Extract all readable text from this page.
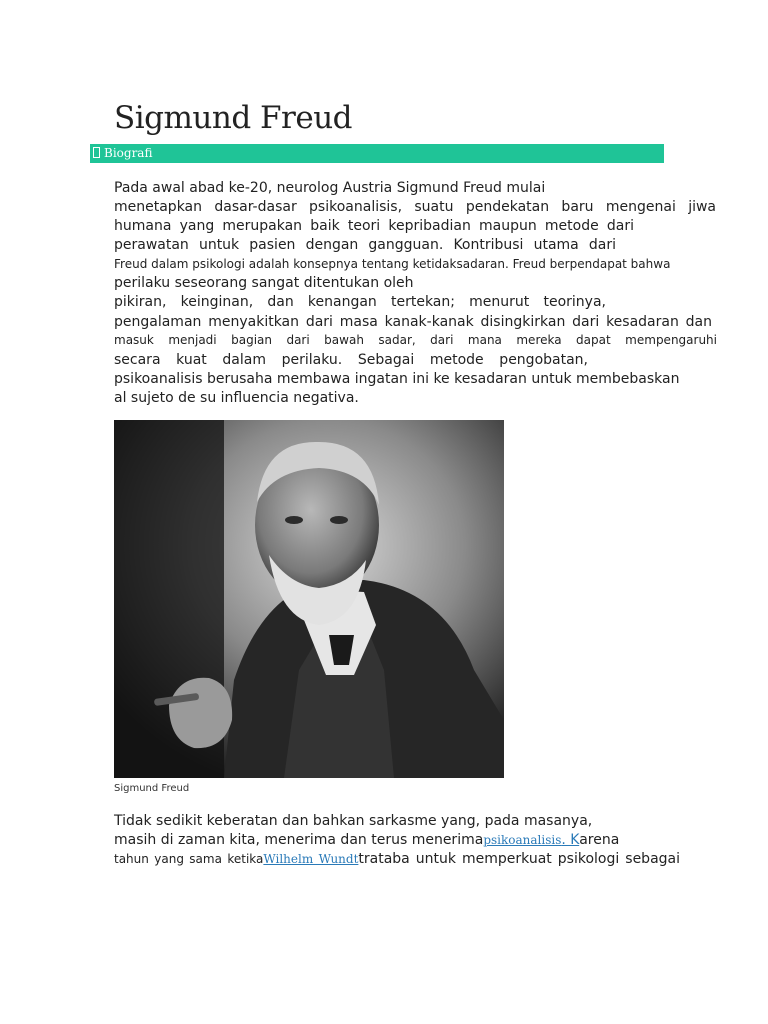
Sigmund Freud
Biografi
Pada awal abad ke-20, neurolog Austria Sigmund Freud mulai
menetapkan dasar-dasar psikoanalisis, suatu pendekatan baru mengenai jiwa
humana yang merupakan baik teori kepribadian maupun metode dari
perawatan untuk pasien dengan gangguan. Kontribusi utama dari
Freud dalam psikologi adalah konsepnya tentang ketidaksadaran. Freud berpendapat bahwa
perilaku seseorang sangat ditentukan oleh
pikiran, keinginan, dan kenangan tertekan; menurut teorinya,
pengalaman menyakitkan dari masa kanak-kanak disingkirkan dari kesadaran dan
masuk menjadi bagian dari bawah sadar, dari mana mereka dapat mempengaruhi
secara kuat dalam perilaku. Sebagai metode pengobatan,
psikoanalisis berusaha membawa ingatan ini ke kesadaran untuk membebaskan
al sujeto de su influencia negativa.
Sigmund Freud
Tidak sedikit keberatan dan bahkan sarkasme yang, pada masanya,
masih di zaman kita, menerima dan terus menerimapsikoanalisis. Karena
tahun yang sama ketikaWilhelm Wundttrataba untuk memperkuat psikologi sebagai
